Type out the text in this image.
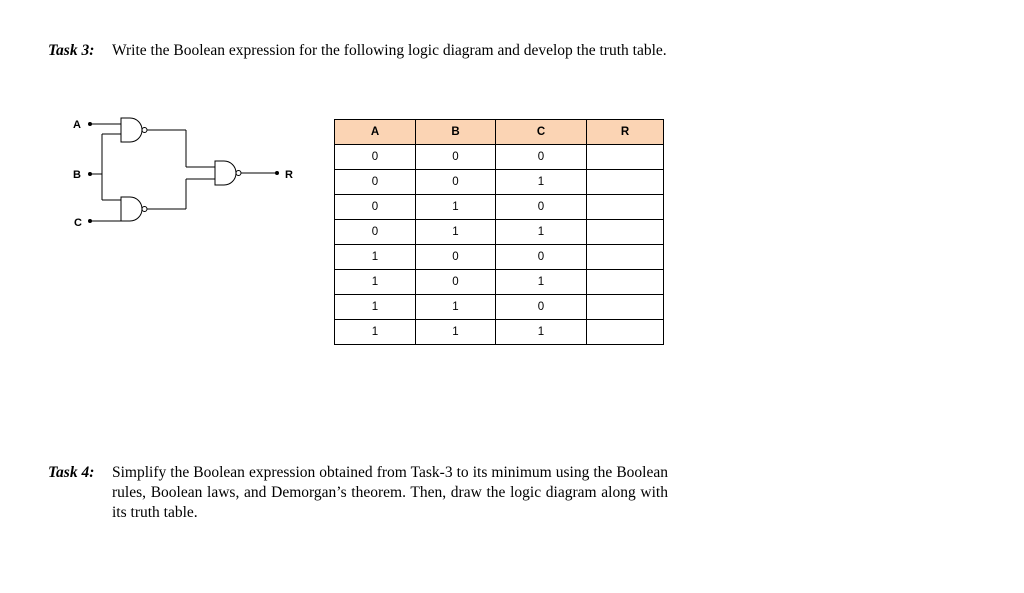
Task 3: Write the Boolean expression for the following logic diagram and develop the truth table.
A
B
C
R
A	B	C	R
0	0	0	
0	0	1	
0	1	0	
0	1	1	
1	0	0	
1	0	1	
1	1	0	
1	1	1	
Task 4: Simplify the Boolean expression obtained from Task-3 to its minimum using the Boolean rules, Boolean laws, and Demorgan’s theorem. Then, draw the logic diagram along with its truth table.
